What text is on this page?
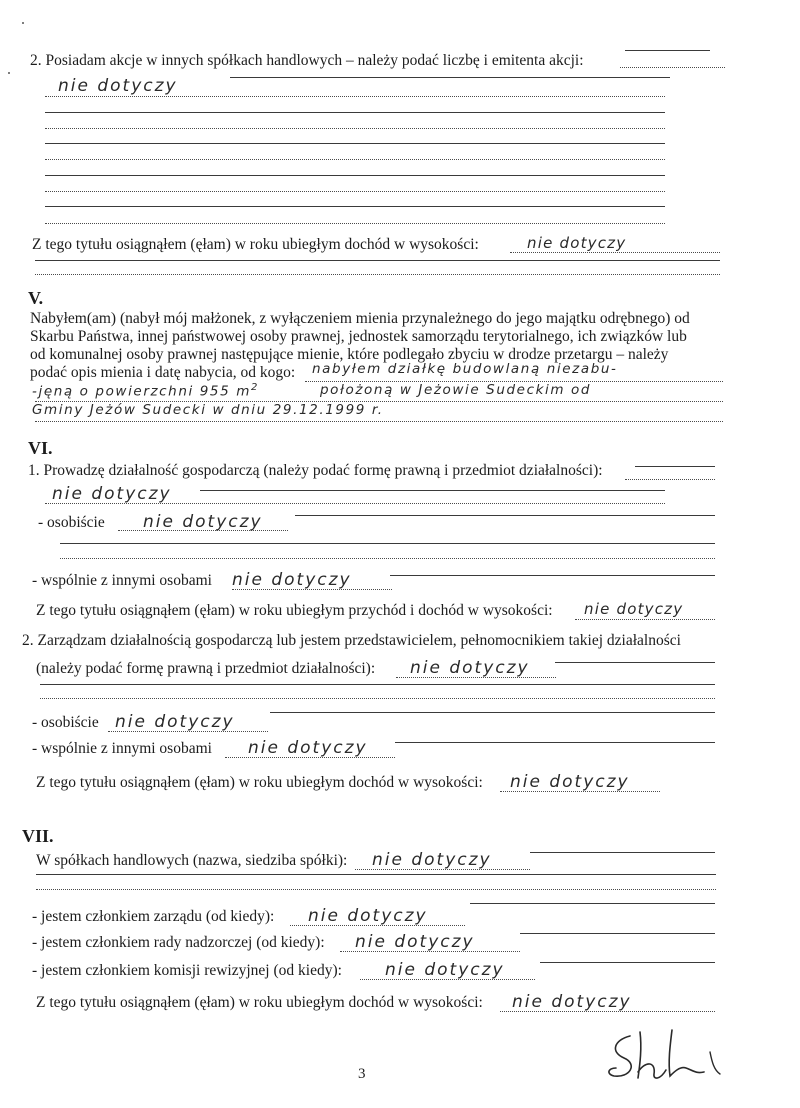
2. Posiadam akcje w innych spółkach handlowych – należy podać liczbę i emitenta akcji:
nie dotyczy
Z tego tytułu osiągnąłem (ęłam) w roku ubiegłym dochód w wysokości:	nie dotyczy
V.
Nabyłem(am) (nabył mój małżonek, z wyłączeniem mienia przynależnego do jego majątku odrębnego) od
Skarbu Państwa, innej państwowej osoby prawnej, jednostek samorządu terytorialnego, ich związków lub
od komunalnej osoby prawnej następujące mienie, które podlegało zbyciu w drodze przetargu – należy
podać opis mienia i datę nabycia, od kogo: nabyłem działkę budowlaną niezabu-
-jęną o powierzchni 955 $m^2$	położoną w Jeżowie Sudeckim od
Gminy Jeżów Sudecki w dniu 29.12.1999 r.
VI.
1. Prowadzę działalność gospodarczą (należy podać formę prawną i przedmiot działalności):
nie dotyczy
- osobiście nie dotyczy
- wspólnie z innymi osobami nie dotyczy
Z tego tytułu osiągnąłem (ęłam) w roku ubiegłym przychód i dochód w wysokości: nie dotyczy
2. Zarządzam działalnością gospodarczą lub jestem przedstawicielem, pełnomocnikiem takiej działalności
(należy podać formę prawną i przedmiot działalności): nie dotyczy
- osobiście nie dotyczy
- wspólnie z innymi osobami nie dotyczy
Z tego tytułu osiągnąłem (ęłam) w roku ubiegłym dochód w wysokości: nie dotyczy
VII.
W spółkach handlowych (nazwa, siedziba spółki): nie dotyczy
- jestem członkiem zarządu (od kiedy): nie dotyczy
- jestem członkiem rady nadzorczej (od kiedy): nie dotyczy
- jestem członkiem komisji rewizyjnej (od kiedy):	nie dotyczy
Z tego tytułu osiągnąłem (ęłam) w roku ubiegłym dochód w wysokości: nie dotyczy
3
